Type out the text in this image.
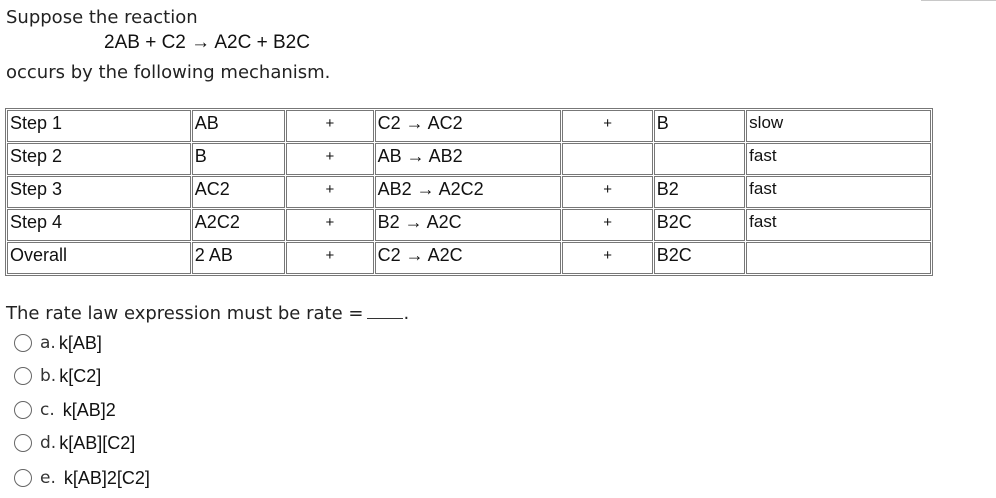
Suppose the reaction
2AB + C2 → A2C + B2C
occurs by the following mechanism.
Step 1	AB	+	C2 → AC2	+	B	slow
Step 2	B	+	AB → AB2			fast
Step 3	AC2	+	AB2 → A2C2	+	B2	fast
Step 4	A2C2	+	B2 → A2C	+	B2C	fast
Overall	2 AB	+	C2 → A2C	+	B2C	
The rate law expression must be rate = .
a. k[AB]
b. k[C2]
c. k[AB]2
d. k[AB][C2]
e. k[AB]2[C2]
